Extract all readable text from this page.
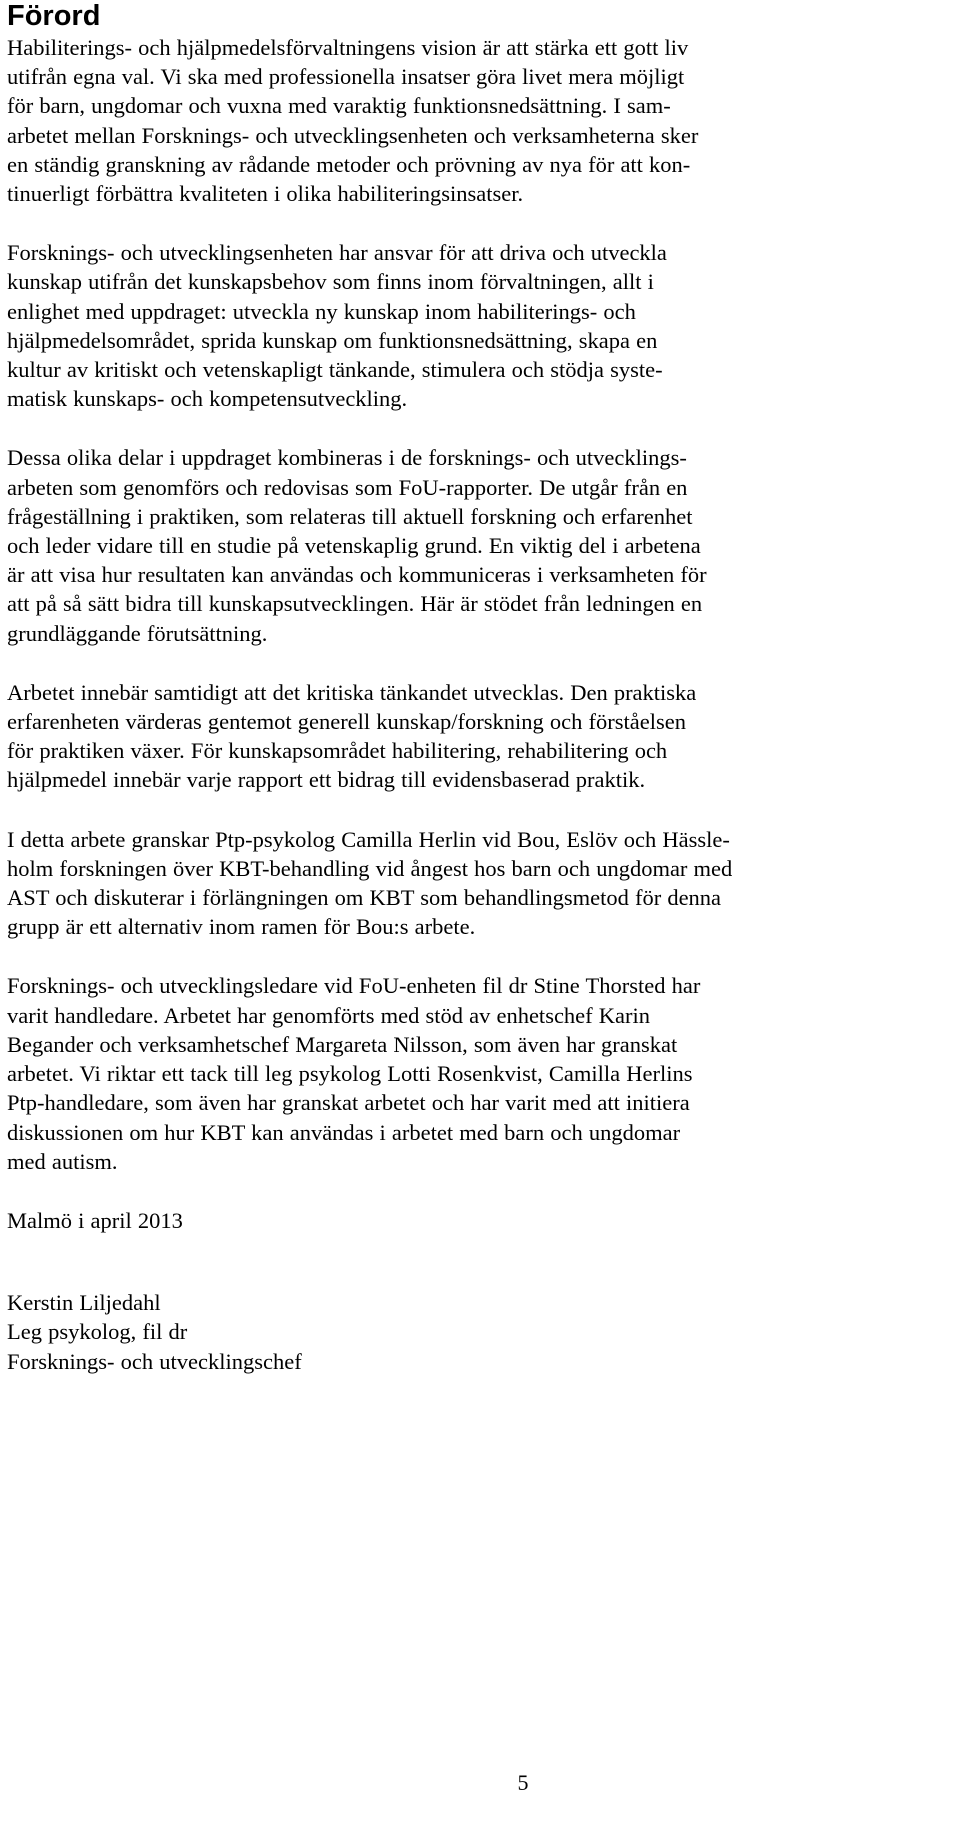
Förord
Habiliterings- och hjälpmedelsförvaltningens vision är att stärka ett gott liv
utifrån egna val. Vi ska med professionella insatser göra livet mera möjligt
för barn, ungdomar och vuxna med varaktig funktionsnedsättning. I sam-
arbetet mellan Forsknings- och utvecklingsenheten och verksamheterna sker
en ständig granskning av rådande metoder och prövning av nya för att kon-
tinuerligt förbättra kvaliteten i olika habiliteringsinsatser.
Forsknings- och utvecklingsenheten har ansvar för att driva och utveckla
kunskap utifrån det kunskapsbehov som finns inom förvaltningen, allt i
enlighet med uppdraget: utveckla ny kunskap inom habiliterings- och
hjälpmedelsområdet, sprida kunskap om funktionsnedsättning, skapa en
kultur av kritiskt och vetenskapligt tänkande, stimulera och stödja syste-
matisk kunskaps- och kompetensutveckling.
Dessa olika delar i uppdraget kombineras i de forsknings- och utvecklings-
arbeten som genomförs och redovisas som FoU-rapporter. De utgår från en
frågeställning i praktiken, som relateras till aktuell forskning och erfarenhet
och leder vidare till en studie på vetenskaplig grund. En viktig del i arbetena
är att visa hur resultaten kan användas och kommuniceras i verksamheten för
att på så sätt bidra till kunskapsutvecklingen. Här är stödet från ledningen en
grundläggande förutsättning.
Arbetet innebär samtidigt att det kritiska tänkandet utvecklas. Den praktiska
erfarenheten värderas gentemot generell kunskap/forskning och förståelsen
för praktiken växer. För kunskapsområdet habilitering, rehabilitering och
hjälpmedel innebär varje rapport ett bidrag till evidensbaserad praktik.
I detta arbete granskar Ptp-psykolog Camilla Herlin vid Bou, Eslöv och Hässle-
holm forskningen över KBT-behandling vid ångest hos barn och ungdomar med
AST och diskuterar i förlängningen om KBT som behandlingsmetod för denna
grupp är ett alternativ inom ramen för Bou:s arbete.
Forsknings- och utvecklingsledare vid FoU-enheten fil dr Stine Thorsted har
varit handledare. Arbetet har genomförts med stöd av enhetschef Karin
Begander och verksamhetschef Margareta Nilsson, som även har granskat
arbetet. Vi riktar ett tack till leg psykolog Lotti Rosenkvist, Camilla Herlins
Ptp-handledare, som även har granskat arbetet och har varit med att initiera
diskussionen om hur KBT kan användas i arbetet med barn och ungdomar
med autism.
Malmö i april 2013
Kerstin Liljedahl
Leg psykolog, fil dr
Forsknings- och utvecklingschef
5
